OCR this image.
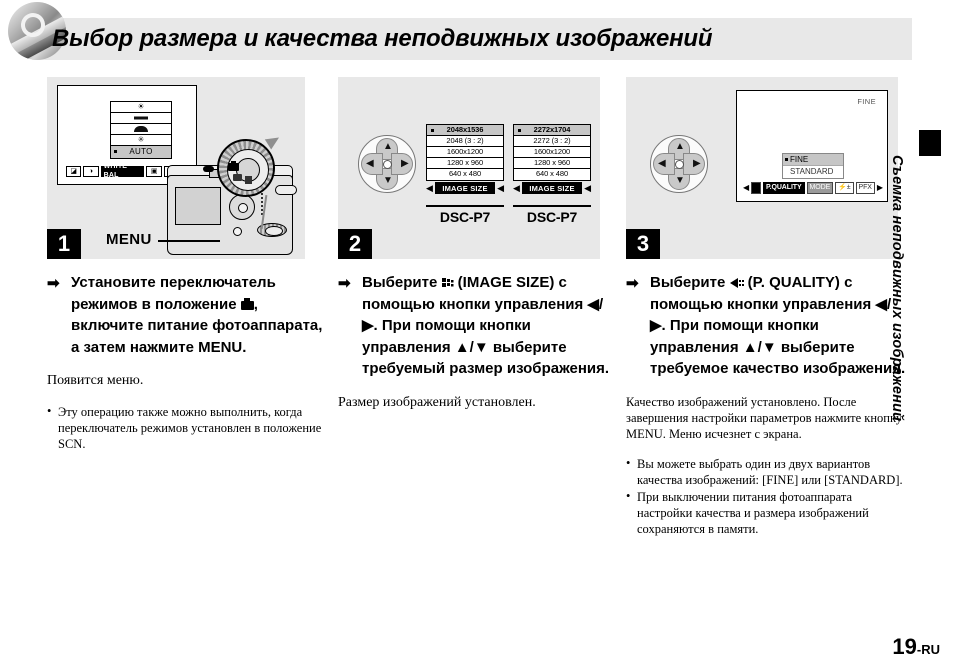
Выбор размера и качества неподвижных изображений
☀
✳
AUTO
◪	◑
WHITE BAL
▣
1	MENU
▲
▼
◀	▶
2048x1536
2048 (3 : 2)
1600x1200
1280 x 960
640 x 480
◀	IMAGE SIZE	◀
DSC-P7
2272x1704
2272 (3 : 2)
1600x1200
1280 x 960
640 x 480
◀	IMAGE SIZE	◀
DSC-P7
2
▲
▼
◀	▶
FINE
FINE
STANDARD
◀	P.QUALITY	MODE	⚡±	PFX ▶
3
➡ Установите переключатель режимов в положение , включите питание фотоаппарата, а затем нажмите MENU.
Появится меню.
• Эту операцию также можно выполнить, когда переключатель режимов установлен в положение SCN.
➡ Выберите (IMAGE SIZE) с помощью кнопки управления ◀/▶. При помощи кнопки управления ▲/▼ выберите требуемый размер изображения.
Размер изображений установлен.
➡ Выберите (P. QUALITY) с помощью кнопки управления ◀/▶. При помощи кнопки управления ▲/▼ выберите требуемое качество изображения.
Качество изображений установлено. После завершения настройки параметров нажмите кнопку MENU. Меню исчезнет с экрана.
• Вы можете выбрать один из двух вариантов качества изображений: [FINE] или [STANDARD].
• При выключении питания фотоаппарата настройки качества и размера изображений сохраняются в памяти.
Съемка неподвижных изображений
19-RU
